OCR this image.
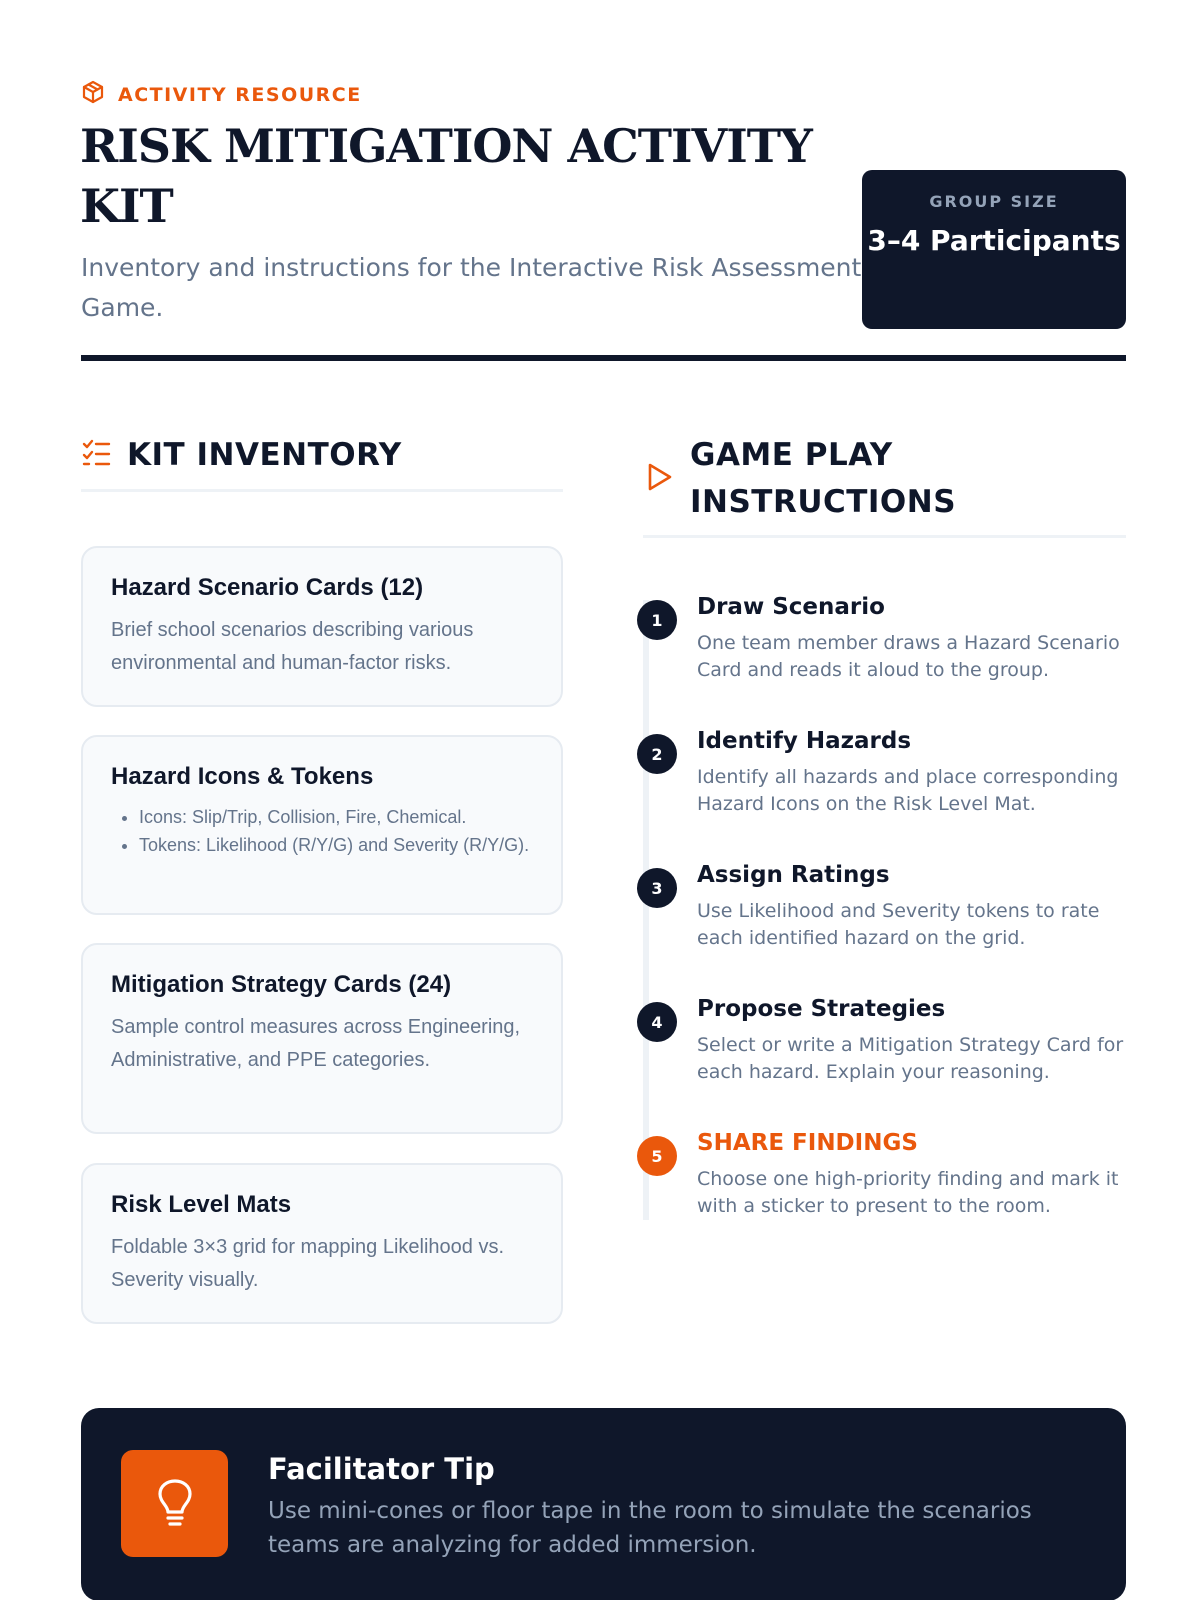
ACTIVITY RESOURCE
RISK MITIGATION ACTIVITY KIT

Inventory and instructions for the Interactive Risk Assessment Game.

GROUP SIZE
3–4 Participants
KIT INVENTORY
Hazard Scenario Cards (12)
Brief school scenarios describing various environmental and human-factor risks.
Hazard Icons & Tokens
• Icons: Slip/Trip, Collision, Fire, Chemical.
• Tokens: Likelihood (R/Y/G) and Severity (R/Y/G).
Mitigation Strategy Cards (24)
Sample control measures across Engineering, Administrative, and PPE categories.
Risk Level Mats
Foldable 3×3 grid for mapping Likelihood vs. Severity visually.
GAME PLAY INSTRUCTIONS
1	Draw Scenario
One team member draws a Hazard Scenario Card and reads it aloud to the group.
2	Identify Hazards
Identify all hazards and place corresponding Hazard Icons on the Risk Level Mat.
3	Assign Ratings
Use Likelihood and Severity tokens to rate each identified hazard on the grid.
4	Propose Strategies
Select or write a Mitigation Strategy Card for each hazard. Explain your reasoning.
5	SHARE FINDINGS
Choose one high-priority finding and mark it with a sticker to present to the room.
Facilitator Tip
Use mini-cones or floor tape in the room to simulate the scenarios teams are analyzing for added immersion.
